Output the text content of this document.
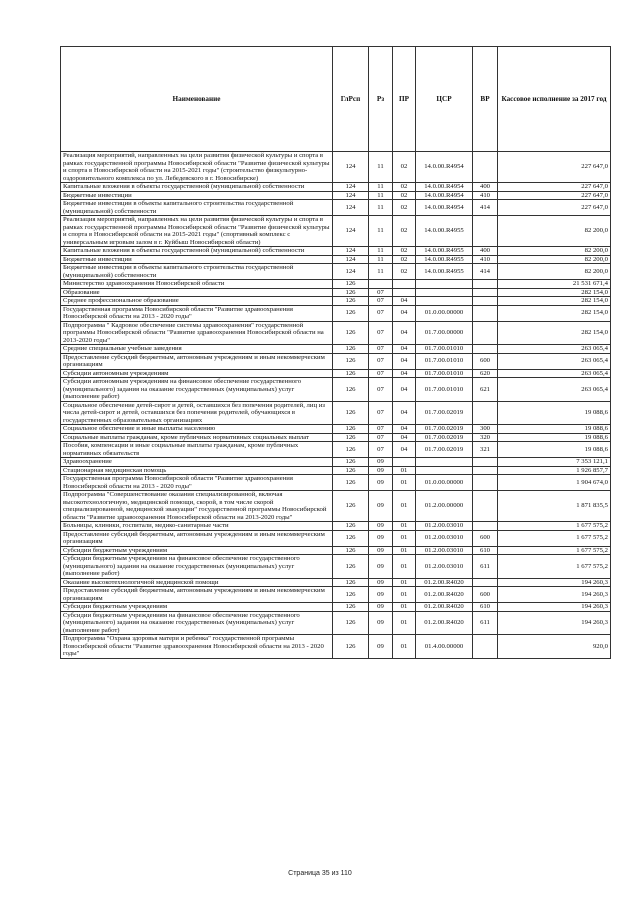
Наименование	ГлРсп	Рз	ПР	ЦСР	ВР	Кассовое исполнение за 2017 год
Реализация мероприятий, направленных на цели развития физической культуры и спорта в рамках государственной программы Новосибирской области "Развитие физической культуры и спорта в Новосибирской области на 2015-2021 годы" (строительство физкультурно-оздоровительного комплекса по ул. Лебедевского в г. Новосибирске)	124	11	02	14.0.00.R4954		227 647,0
Капитальные вложения в объекты государственной (муниципальной) собственности	124	11	02	14.0.00.R4954	400	227 647,0
Бюджетные инвестиции	124	11	02	14.0.00.R4954	410	227 647,0
Бюджетные инвестиции в объекты капитального строительства государственной (муниципальной) собственности	124	11	02	14.0.00.R4954	414	227 647,0
Реализация мероприятий, направленных на цели развития физической культуры и спорта в рамках государственной программы Новосибирской области "Развитие физической культуры и спорта в Новосибирской области на 2015-2021 годы" (спортивный комплекс с универсальным игровым залом в г. Куйбыш Новосибирской области)	124	11	02	14.0.00.R4955		82 200,0
Капитальные вложения в объекты государственной (муниципальной) собственности	124	11	02	14.0.00.R4955	400	82 200,0
Бюджетные инвестиции	124	11	02	14.0.00.R4955	410	82 200,0
Бюджетные инвестиции в объекты капитального строительства государственной (муниципальной) собственности	124	11	02	14.0.00.R4955	414	82 200,0
Министерство здравоохранения Новосибирской области	126					21 531 671,4
Образование	126	07				282 154,0
Среднее профессиональное образование	126	07	04			282 154,0
Государственная программа Новосибирской области "Развитие здравоохранения Новосибирской области на 2013 - 2020 годы"	126	07	04	01.0.00.00000		282 154,0
Подпрограмма " Кадровое обеспечение системы здравоохранения" государственной программы Новосибирской области "Развитие здравоохранения Новосибирской области на 2013-2020 годы"	126	07	04	01.7.00.00000		282 154,0
Средние специальные учебные заведения	126	07	04	01.7.00.01010		263 065,4
Предоставление субсидий бюджетным, автономным учреждениям и иным некоммерческим организациям	126	07	04	01.7.00.01010	600	263 065,4
Субсидии автономным учреждениям	126	07	04	01.7.00.01010	620	263 065,4
Субсидии автономным учреждениям на финансовое обеспечение государственного (муниципального) задания на оказание государственных (муниципальных) услуг (выполнение работ)	126	07	04	01.7.00.01010	621	263 065,4
Социальное обеспечение детей-сирот и детей, оставшихся без попечения родителей, лиц из числа детей-сирот и детей, оставшихся без попечения родителей, обучающихся в государственных образовательных организациях	126	07	04	01.7.00.02019		19 088,6
Социальное обеспечение и иные выплаты населению	126	07	04	01.7.00.02019	300	19 088,6
Социальные выплаты гражданам, кроме публичных нормативных социальных выплат	126	07	04	01.7.00.02019	320	19 088,6
Пособия, компенсации и иные социальные выплаты гражданам, кроме публичных нормативных обязательств	126	07	04	01.7.00.02019	321	19 088,6
Здравоохранение	126	09				7 353 121,1
Стационарная медицинская помощь	126	09	01			1 926 857,7
Государственная программа Новосибирской области "Развитие здравоохранения Новосибирской области на 2013 - 2020 годы"	126	09	01	01.0.00.00000		1 904 674,0
Подпрограмма "Совершенствование оказания специализированной, включая высокотехнологичную, медицинской помощи, скорой, в том числе скорой специализированной, медицинской эвакуации" государственной программы Новосибирской области "Развитие здравоохранения Новосибирской области на 2013-2020 годы"	126	09	01	01.2.00.00000		1 871 835,5
Больницы, клиники, госпитали, медико-санитарные части	126	09	01	01.2.00.03010		1 677 575,2
Предоставление субсидий бюджетным, автономным учреждениям и иным некоммерческим организациям	126	09	01	01.2.00.03010	600	1 677 575,2
Субсидии бюджетным учреждениям	126	09	01	01.2.00.03010	610	1 677 575,2
Субсидии бюджетным учреждениям на финансовое обеспечение государственного (муниципального) задания на оказание государственных (муниципальных) услуг (выполнение работ)	126	09	01	01.2.00.03010	611	1 677 575,2
Оказание высокотехнологичной медицинской помощи	126	09	01	01.2.00.R4020		194 260,3
Предоставление субсидий бюджетным, автономным учреждениям и иным некоммерческим организациям	126	09	01	01.2.00.R4020	600	194 260,3
Субсидии бюджетным учреждениям	126	09	01	01.2.00.R4020	610	194 260,3
Субсидии бюджетным учреждениям на финансовое обеспечение государственного (муниципального) задания на оказание государственных (муниципальных) услуг (выполнение работ)	126	09	01	01.2.00.R4020	611	194 260,3
Подпрограмма "Охрана здоровья матери и ребенка" государственной программы Новосибирской области "Развитие здравоохранения Новосибирской области на 2013 - 2020 годы"	126	09	01	01.4.00.00000		920,0
Страница 35 из 110
